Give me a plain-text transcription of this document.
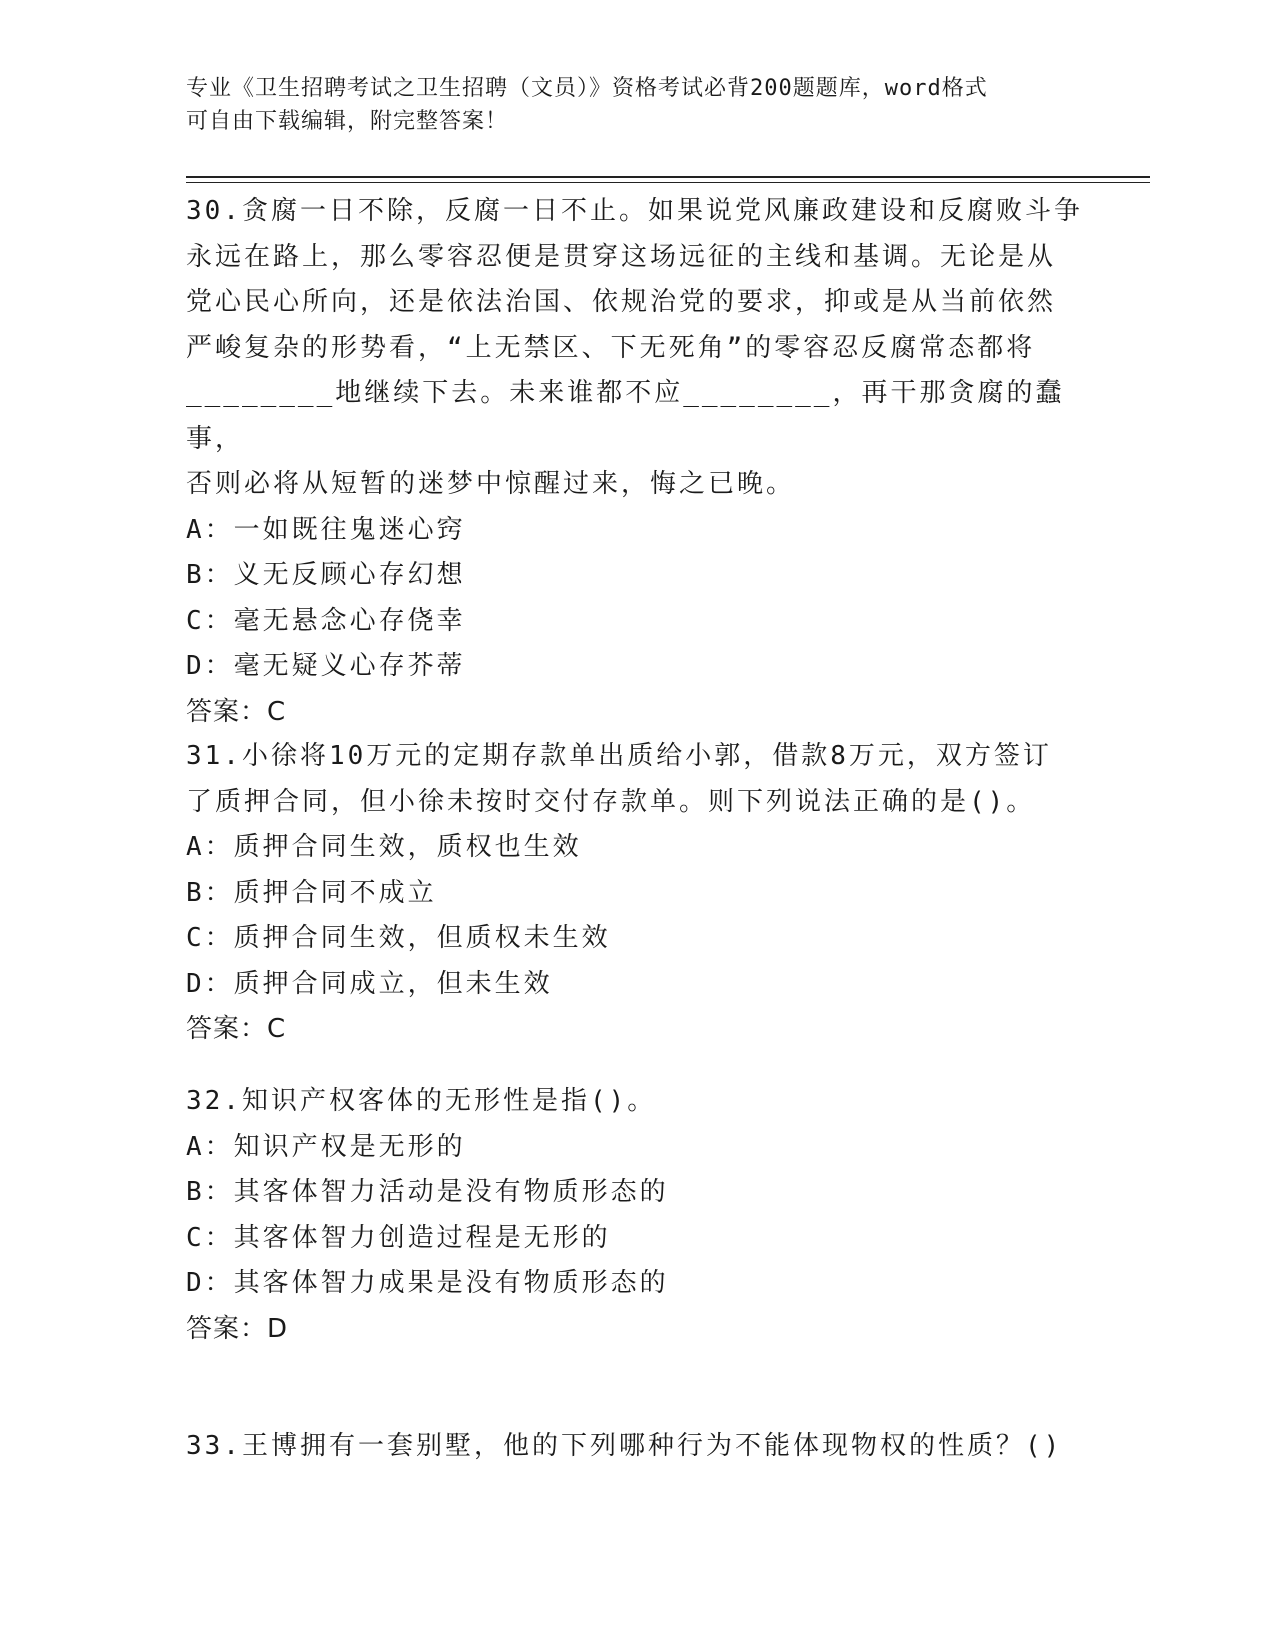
专业《卫生招聘考试之卫生招聘（文员）》资格考试必背200题题库，word格式
可自由下载编辑，附完整答案！
30.贪腐一日不除，反腐一日不止。如果说党风廉政建设和反腐败斗争
永远在路上，那么零容忍便是贯穿这场远征的主线和基调。无论是从
党心民心所向，还是依法治国、依规治党的要求，抑或是从当前依然
严峻复杂的形势看，“上无禁区、下无死角”的零容忍反腐常态都将
________地继续下去。未来谁都不应________，再干那贪腐的蠢事，
否则必将从短暂的迷梦中惊醒过来，悔之已晚。
A：一如既往鬼迷心窍
B：义无反顾心存幻想
C：毫无悬念心存侥幸
D：毫无疑义心存芥蒂
答案：C
31.小徐将10万元的定期存款单出质给小郭，借款8万元，双方签订
了质押合同，但小徐未按时交付存款单。则下列说法正确的是()。
A：质押合同生效，质权也生效
B：质押合同不成立
C：质押合同生效，但质权未生效
D：质押合同成立，但未生效
答案：C
32.知识产权客体的无形性是指()。
A：知识产权是无形的
B：其客体智力活动是没有物质形态的
C：其客体智力创造过程是无形的
D：其客体智力成果是没有物质形态的
答案：D
33.王博拥有一套别墅，他的下列哪种行为不能体现物权的性质？()
